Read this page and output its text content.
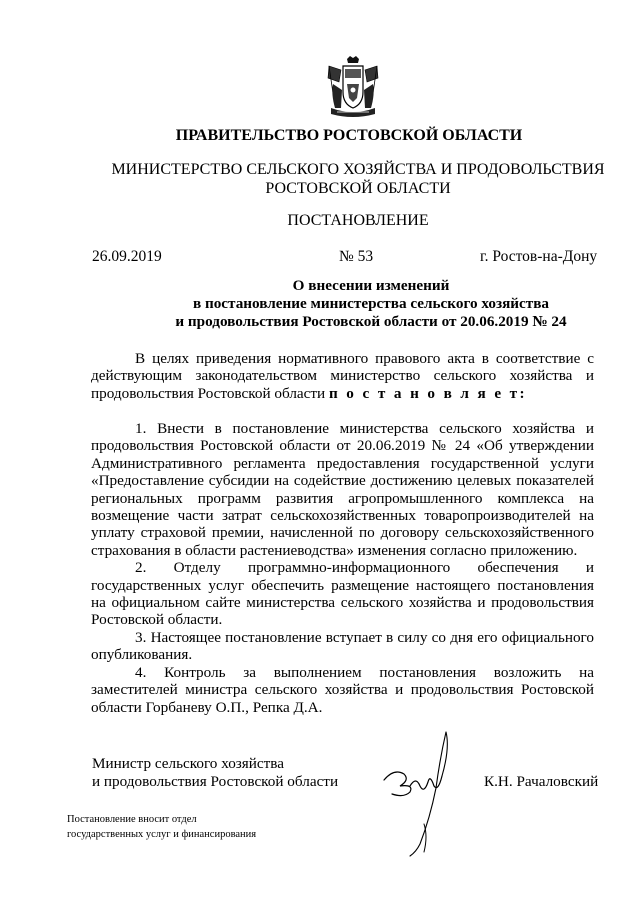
ПРАВИТЕЛЬСТВО РОСТОВСКОЙ ОБЛАСТИ
МИНИСТЕРСТВО СЕЛЬСКОГО ХОЗЯЙСТВА И ПРОДОВОЛЬСТВИЯ
РОСТОВСКОЙ ОБЛАСТИ
ПОСТАНОВЛЕНИЕ
26.09.2019	№ 53	г. Ростов-на-Дону
О внесении изменений
в постановление министерства сельского хозяйства
и продовольствия Ростовской области от 20.06.2019 № 24

В целях приведения нормативного правового акта в соответствие с действующим законодательством министерство сельского хозяйства и продовольствия Ростовской области п о с т а н о в л я е т:

1. Внести в постановление министерства сельского хозяйства и продовольствия Ростовской области от 20.06.2019 № 24 «Об утверждении Административного регламента предоставления государственной услуги «Предоставление субсидии на содействие достижению целевых показателей региональных программ развития агропромышленного комплекса на возмещение части затрат сельскохозяйственных товаропроизводителей на уплату страховой премии, начисленной по договору сельскохозяйственного страхования в области растениеводства» изменения согласно приложению.

2. Отделу программно-информационного обеспечения и государственных услуг обеспечить размещение настоящего постановления на официальном сайте министерства сельского хозяйства и продовольствия Ростовской области.

3. Настоящее постановление вступает в силу со дня его официального опубликования.

4. Контроль за выполнением постановления возложить на заместителей министра сельского хозяйства и продовольствия Ростовской области Горбаневу О.П., Репка Д.А.

Министр сельского хозяйства
и продовольствия Ростовской области	К.Н. Рачаловский
Постановление вносит отдел
государственных услуг и финансирования
